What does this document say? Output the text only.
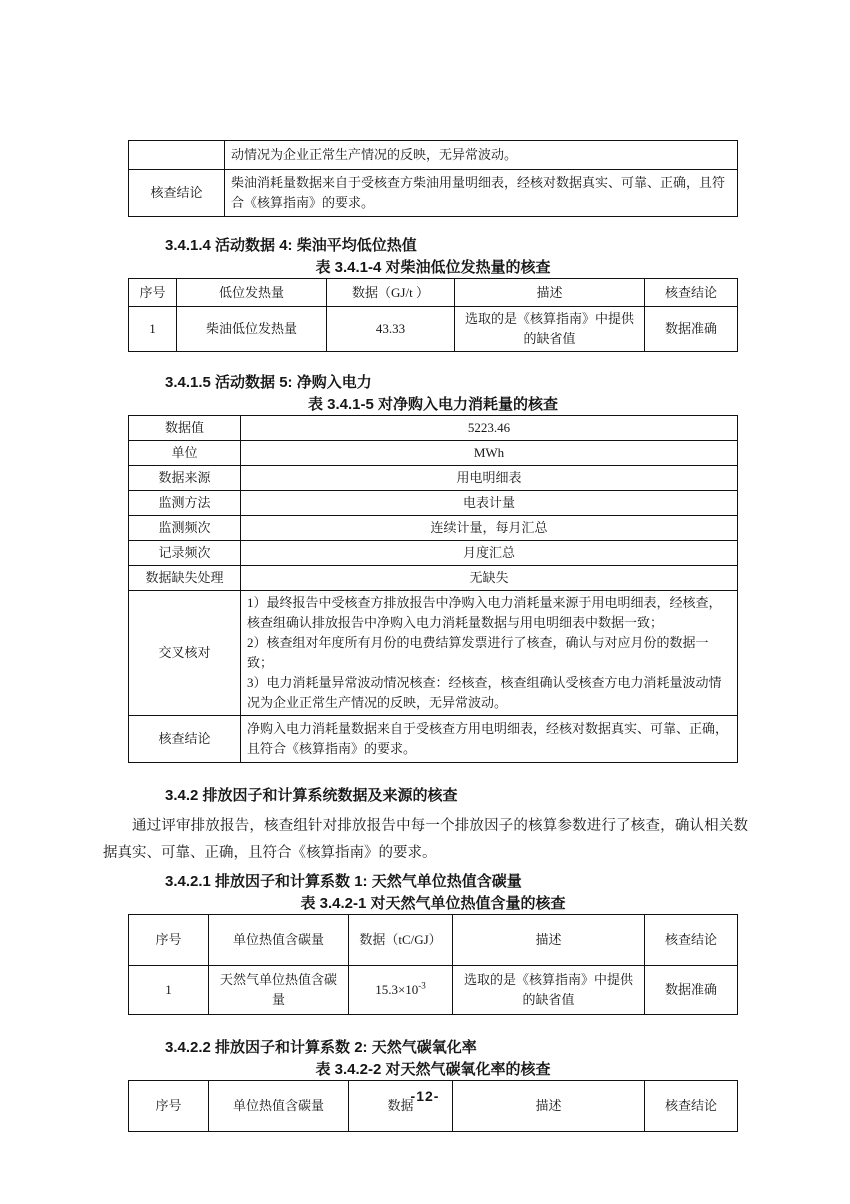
	动情况为企业正常生产情况的反映，无异常波动。
核查结论	柴油消耗量数据来自于受核查方柴油用量明细表，经核对数据真实、可靠、正确，且符合《核算指南》的要求。
3.4.1.4 活动数据 4: 柴油平均低位热值
表 3.4.1-4 对柴油低位发热量的核查
序号	低位发热量	数据（GJ/t ）	描述	核查结论
1	柴油低位发热量	43.33	选取的是《核算指南》中提供的缺省值	数据准确
3.4.1.5 活动数据 5: 净购入电力
表 3.4.1-5 对净购入电力消耗量的核查
数据值	5223.46
单位	MWh
数据来源	用电明细表
监测方法	电表计量
监测频次	连续计量，每月汇总
记录频次	月度汇总
数据缺失处理	无缺失
交叉核对	1）最终报告中受核查方排放报告中净购入电力消耗量来源于用电明细表，经核查，核查组确认排放报告中净购入电力消耗量数据与用电明细表中数据一致；
2）核查组对年度所有月份的电费结算发票进行了核查，确认与对应月份的数据一致；
3）电力消耗量异常波动情况核查：经核查，核查组确认受核查方电力消耗量波动情况为企业正常生产情况的反映，无异常波动。

核查结论	净购入电力消耗量数据来自于受核查方用电明细表，经核对数据真实、可靠、正确，且符合《核算指南》的要求。
3.4.2 排放因子和计算系统数据及来源的核查

通过评审排放报告，核查组针对排放报告中每一个排放因子的核算参数进行了核查，确认相关数据真实、可靠、正确，且符合《核算指南》的要求。

3.4.2.1 排放因子和计算系数 1: 天然气单位热值含碳量
表 3.4.2-1 对天然气单位热值含量的核查
序号	单位热值含碳量	数据（tC/GJ）	描述	核查结论
1	天然气单位热值含碳量	$15.3\times 10^{-3}$	选取的是《核算指南》中提供的缺省值	数据准确
3.4.2.2 排放因子和计算系数 2: 天然气碳氧化率
表 3.4.2-2 对天然气碳氧化率的核查
序号	单位热值含碳量	数据	描述	核查结论
-12-
